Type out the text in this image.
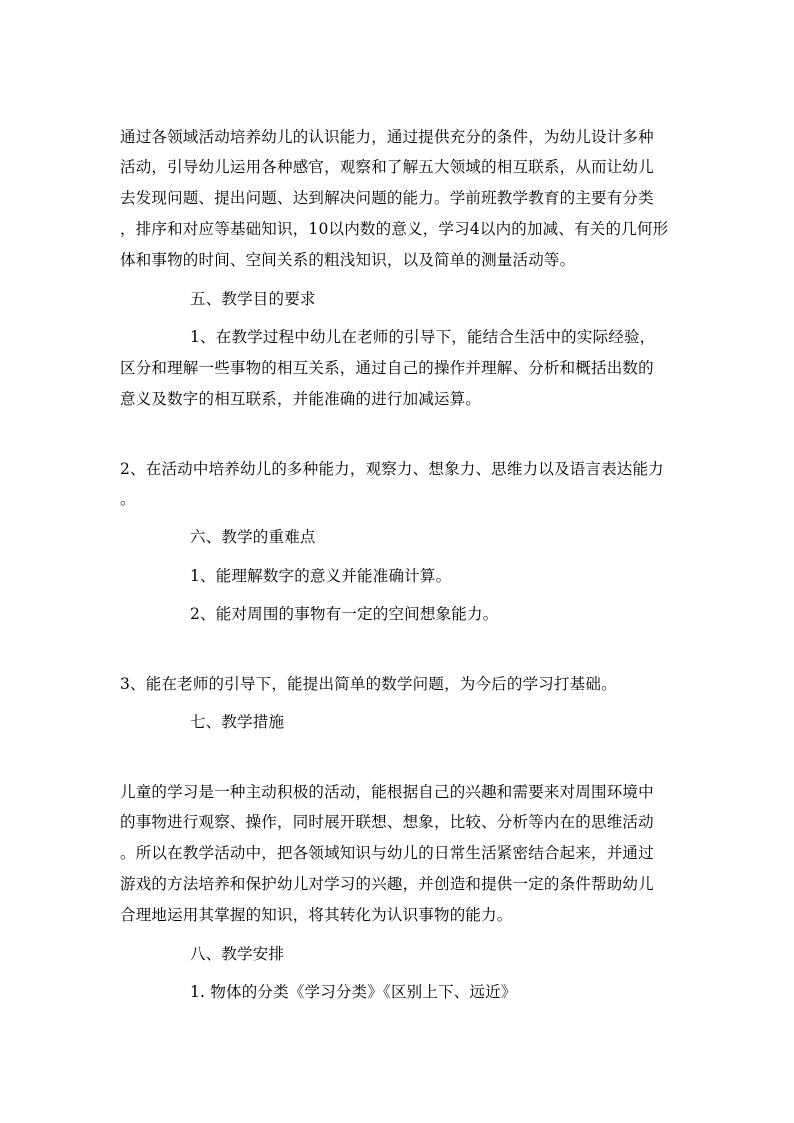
通过各领域活动培养幼儿的认识能力，通过提供充分的条件，为幼儿设计多种
活动，引导幼儿运用各种感官，观察和了解五大领域的相互联系，从而让幼儿
去发现问题、提出问题、达到解决问题的能力。学前班教学教育的主要有分类
，排序和对应等基础知识，10以内数的意义，学习4以内的加减、有关的几何形
体和事物的时间、空间关系的粗浅知识，以及简单的测量活动等。
五、教学目的要求
1、在教学过程中幼儿在老师的引导下，能结合生活中的实际经验，
区分和理解一些事物的相互关系，通过自己的操作并理解、分析和概括出数的
意义及数字的相互联系，并能准确的进行加减运算。
2、在活动中培养幼儿的多种能力，观察力、想象力、思维力以及语言表达能力
。
六、教学的重难点
1、能理解数字的意义并能准确计算。
2、能对周围的事物有一定的空间想象能力。
3、能在老师的引导下，能提出简单的数学问题，为今后的学习打基础。
七、教学措施
儿童的学习是一种主动积极的活动，能根据自己的兴趣和需要来对周围环境中
的事物进行观察、操作，同时展开联想、想象，比较、分析等内在的思维活动
。所以在教学活动中，把各领域知识与幼儿的日常生活紧密结合起来，并通过
游戏的方法培养和保护幼儿对学习的兴趣，并创造和提供一定的条件帮助幼儿
合理地运用其掌握的知识，将其转化为认识事物的能力。
八、教学安排
1. 物体的分类《学习分类》《区别上下、远近》
